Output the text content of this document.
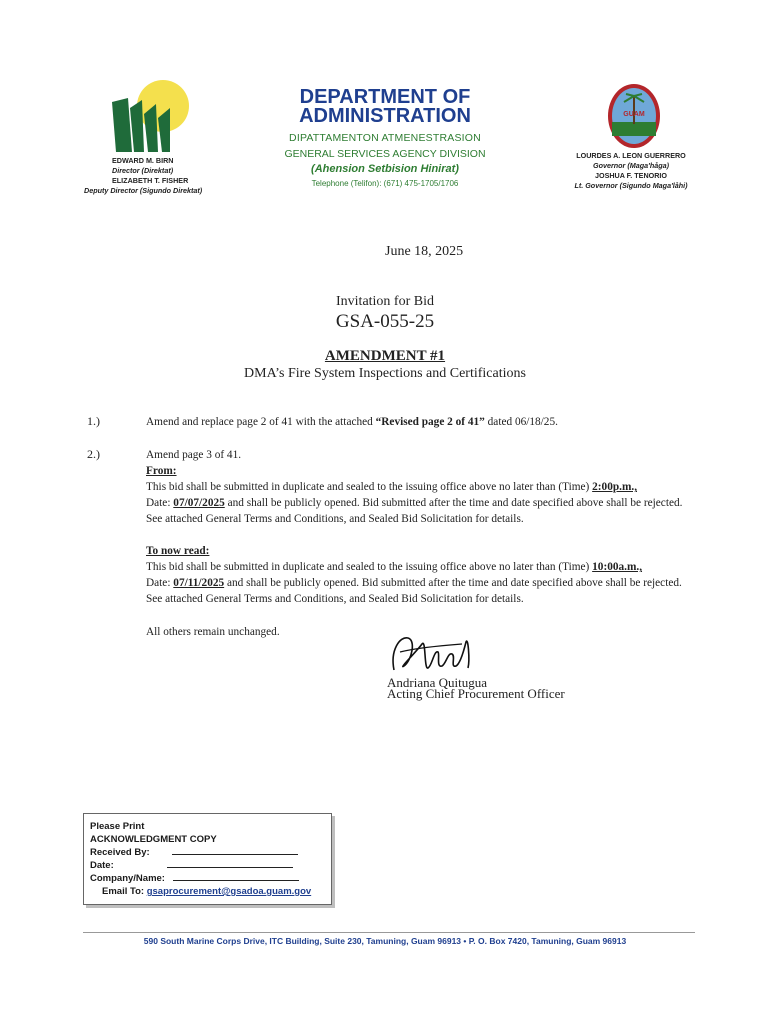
EDWARD M. BIRN
Director (Direktat)
ELIZABETH T. FISHER
Deputy Director (Sigundo Direktat)
DEPARTMENT OF
ADMINISTRATION
DIPATTAMENTON ATMENESTRASION
GENERAL SERVICES AGENCY DIVISION
(Ahension Setbision Hinirat)
Telephone (Telifon): (671) 475-1705/1706
GUAM
LOURDES A. LEON GUERRERO
Governor (Maga'håga)
JOSHUA F. TENORIO
Lt. Governor (Sigundo Maga'låhi)
June 18, 2025
Invitation for Bid
GSA-055-25
AMENDMENT #1
DMA’s Fire System Inspections and Certifications
1.)	Amend and replace page 2 of 41 with the attached “Revised page 2 of 41” dated 06/18/25.
2.)	Amend page 3 of 41.
From:
This bid shall be submitted in duplicate and sealed to the issuing office above no later than (Time) 2:00p.m.,
Date: 07/07/2025 and shall be publicly opened. Bid submitted after the time and date specified above shall be rejected. See attached General Terms and Conditions, and Sealed Bid Solicitation for details.
To now read:
This bid shall be submitted in duplicate and sealed to the issuing office above no later than (Time) 10:00a.m.,
Date: 07/11/2025 and shall be publicly opened. Bid submitted after the time and date specified above shall be rejected. See attached General Terms and Conditions, and Sealed Bid Solicitation for details.
All others remain unchanged.
Andriana Quitugua
Acting Chief Procurement Officer
Please Print
ACKNOWLEDGMENT COPY
Received By:
Date:
Company/Name:
Email To: gsaprocurement@gsadoa.guam.gov
590 South Marine Corps Drive, ITC Building, Suite 230, Tamuning, Guam 96913 • P. O. Box 7420, Tamuning, Guam 96913
